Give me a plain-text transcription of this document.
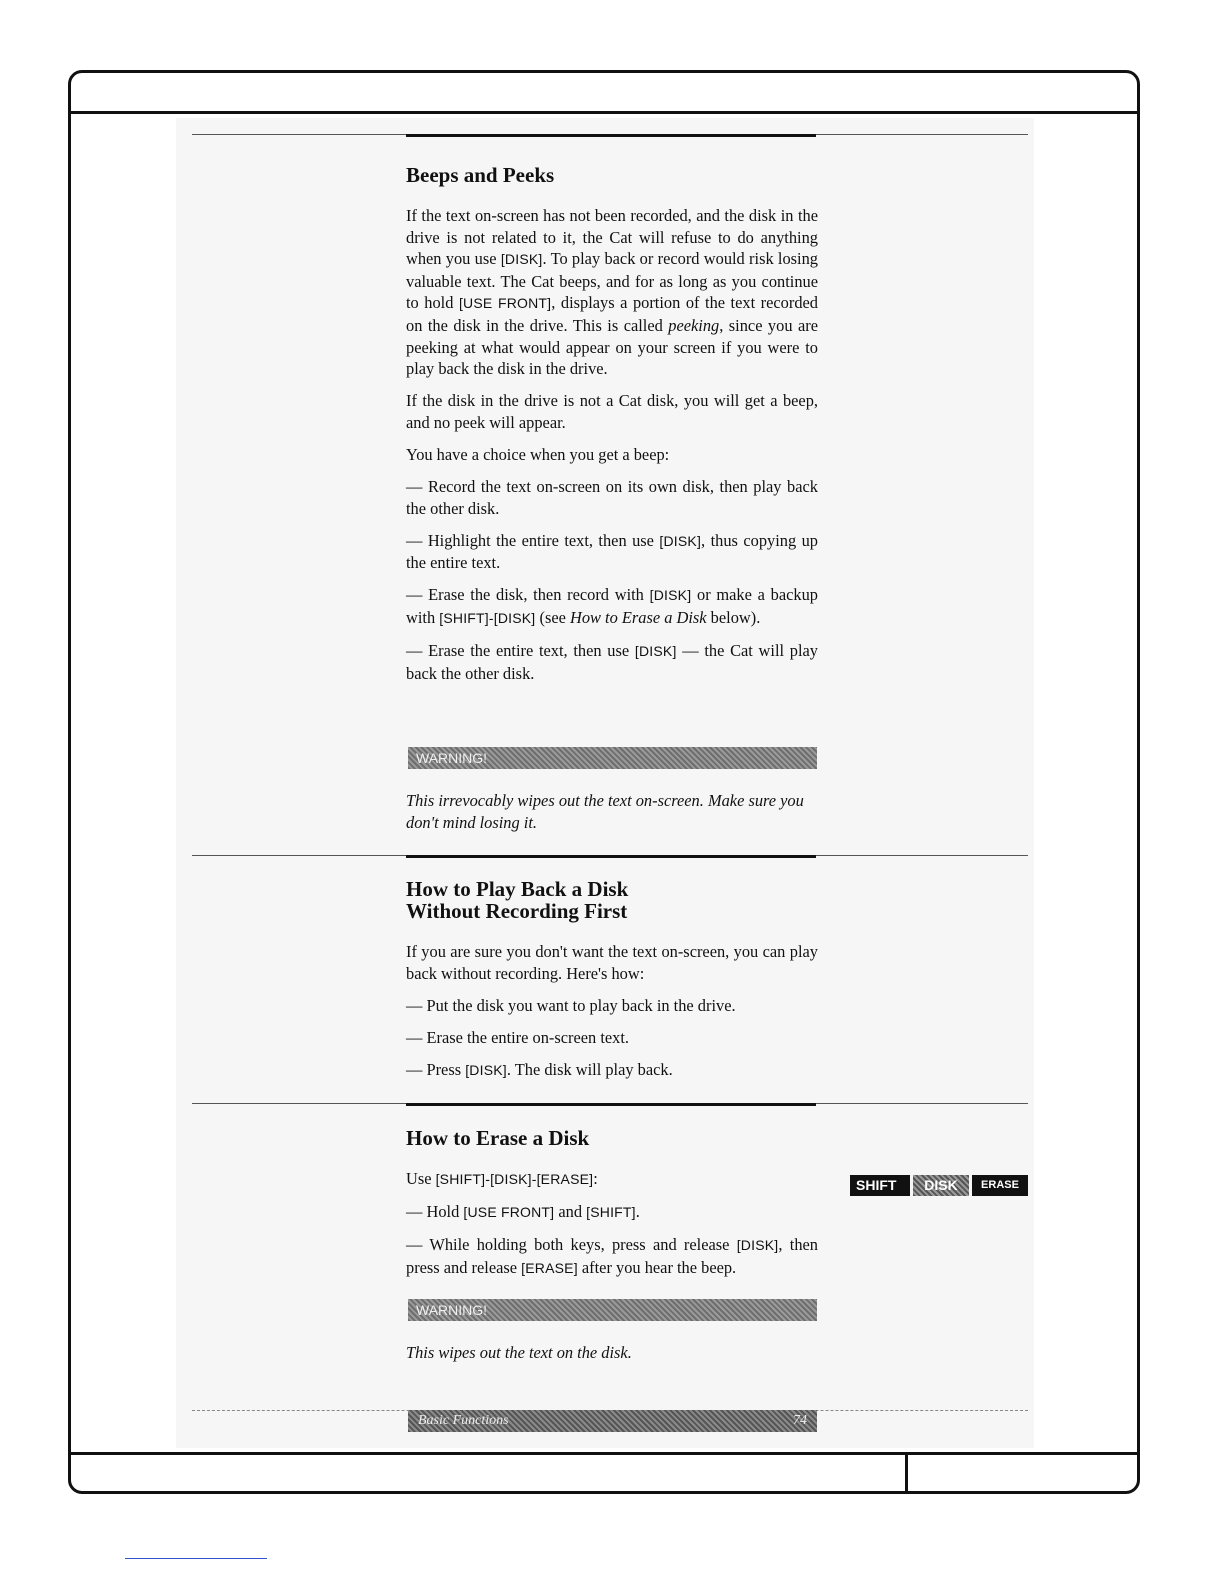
Beeps and Peeks

If the text on-screen has not been recorded, and the disk in the drive is not related to it, the Cat will refuse to do anything when you use [DISK]. To play back or record would risk losing valuable text. The Cat beeps, and for as long as you continue to hold [USE FRONT], displays a portion of the text recorded on the disk in the drive. This is called peeking, since you are peeking at what would appear on your screen if you were to play back the disk in the drive.

If the disk in the drive is not a Cat disk, you will get a beep, and no peek will appear.

You have a choice when you get a beep:

— Record the text on-screen on its own disk, then play back the other disk.

— Highlight the entire text, then use [DISK], thus copying up the entire text.

— Erase the disk, then record with [DISK] or make a backup with [SHIFT]-[DISK] (see How to Erase a Disk below).

— Erase the entire text, then use [DISK] — the Cat will play back the other disk.

WARNING!
This irrevocably wipes out the text on-screen. Make sure you don't mind losing it.
How to Play Back a Disk
Without Recording First

If you are sure you don't want the text on-screen, you can play back without recording. Here's how:

— Put the disk you want to play back in the drive.

— Erase the entire on-screen text.

— Press [DISK]. The disk will play back.

How to Erase a Disk

Use [SHIFT]-[DISK]-[ERASE]:

— Hold [USE FRONT] and [SHIFT].

— While holding both keys, press and release [DISK], then press and release [ERASE] after you hear the beep.

SHIFT	DISK	ERASE
WARNING!
This wipes out the text on the disk.
Basic Functions	74
